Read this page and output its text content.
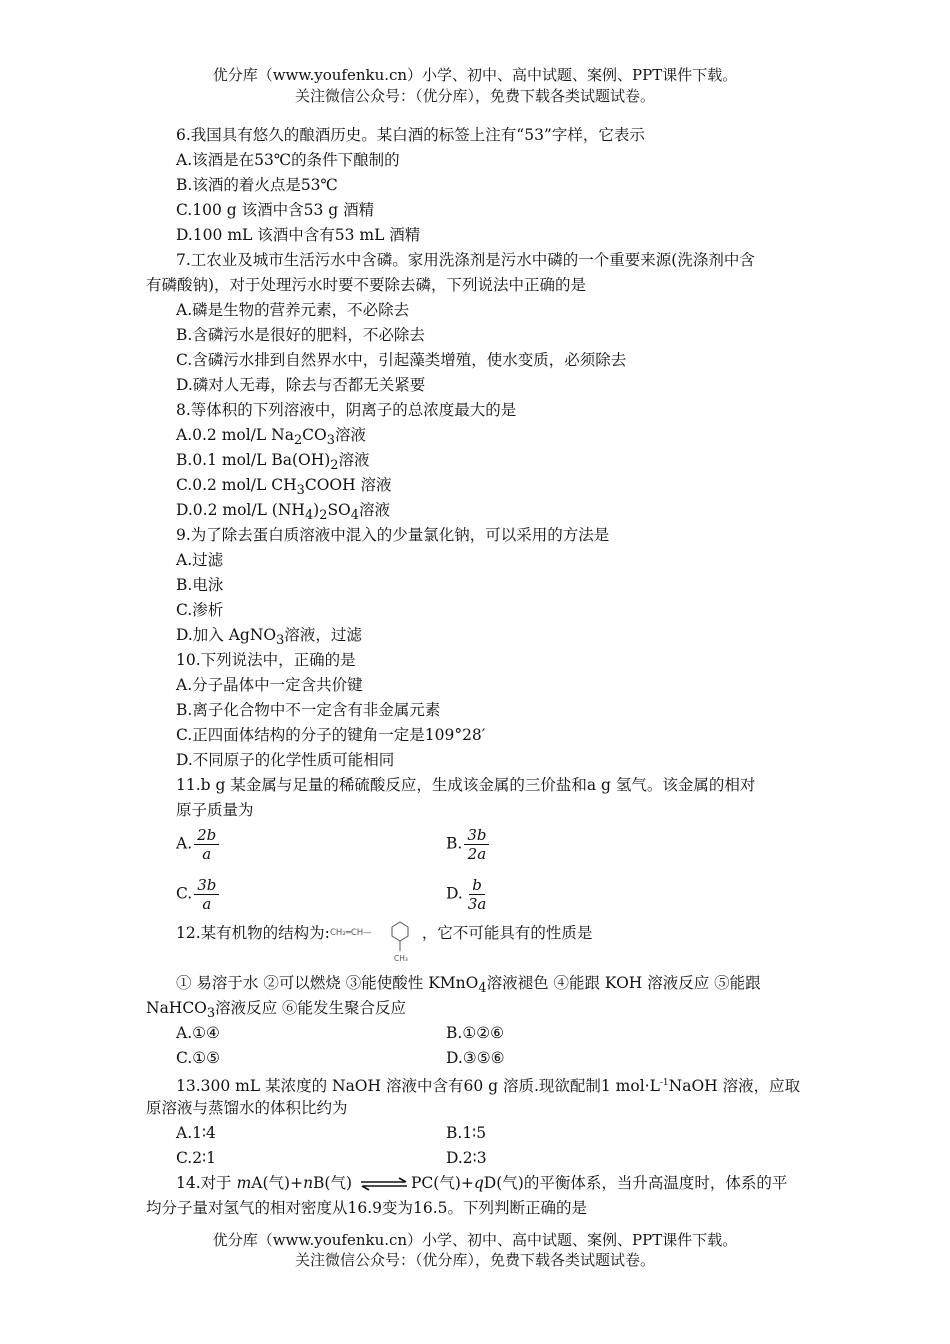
优分库（www.youfenku.cn）小学、初中、高中试题、案例、PPT课件下载。
关注微信公众号：（优分库），免费下载各类试题试卷。
6.我国具有悠久的酿酒历史。某白酒的标签上注有“53”字样，它表示
A.该酒是在53℃的条件下酿制的
B.该酒的着火点是53℃
C.100 g 该酒中含53 g 酒精
D.100 mL 该酒中含有53 mL 酒精
7.工农业及城市生活污水中含磷。家用洗涤剂是污水中磷的一个重要来源(洗涤剂中含
有磷酸钠)，对于处理污水时要不要除去磷，下列说法中正确的是
A.磷是生物的营养元素，不必除去
B.含磷污水是很好的肥料，不必除去
C.含磷污水排到自然界水中，引起藻类增殖，使水变质，必须除去
D.磷对人无毒，除去与否都无关紧要
8.等体积的下列溶液中，阴离子的总浓度最大的是
A.0.2 mol/L $Na_2CO_3$溶液
B.0.1 mol/L $Ba(OH)_2$溶液
C.0.2 mol/L $CH_3COOH$ 溶液
D.0.2 mol/L $(NH_4)_2SO_4$溶液
9.为了除去蛋白质溶液中混入的少量氯化钠，可以采用的方法是
A.过滤
B.电泳
C.渗析
D.加入 AgNO$_3$溶液，过滤
10.下列说法中，正确的是
A.分子晶体中一定含共价键
B.离子化合物中不一定含有非金属元素
C.正四面体结构的分子的键角一定是109°28′
D.不同原子的化学性质可能相同
11.b g 某金属与足量的稀硫酸反应，生成该金属的三价盐和a g 氢气。该金属的相对
原子质量为
A. $\frac{2b}{a}$	B. $\frac{3b}{2a}$
C. $\frac{3b}{a}$	D. $\frac{b}{3a}$
12.某有机物的结构为: CH₂═CH—
CH₃
，它不可能具有的性质是
① 易溶于水 ②可以燃烧 ③能使酸性 KMnO$_4$溶液褪色 ④能跟 KOH 溶液反应 ⑤能跟
NaHCO$_3$溶液反应 ⑥能发生聚合反应
A.①④	B.①②⑥
C.①⑤	D.③⑤⑥
13.300 mL 某浓度的 NaOH 溶液中含有60 g 溶质.现欲配制1 $mol\cdot L^{-1}NaOH$ 溶液，应取
原溶液与蒸馏水的体积比约为
A.1∶4	B.1∶5
C.2∶1	D.2∶3
14.对于 mA(气)+nB(气) ⇌ PC(气)+qD(气)的平衡体系，当升高温度时，体系的平
均分子量对氢气的相对密度从16.9变为16.5。下列判断正确的是
优分库（www.youfenku.cn）小学、初中、高中试题、案例、PPT课件下载。
关注微信公众号：（优分库），免费下载各类试题试卷。
